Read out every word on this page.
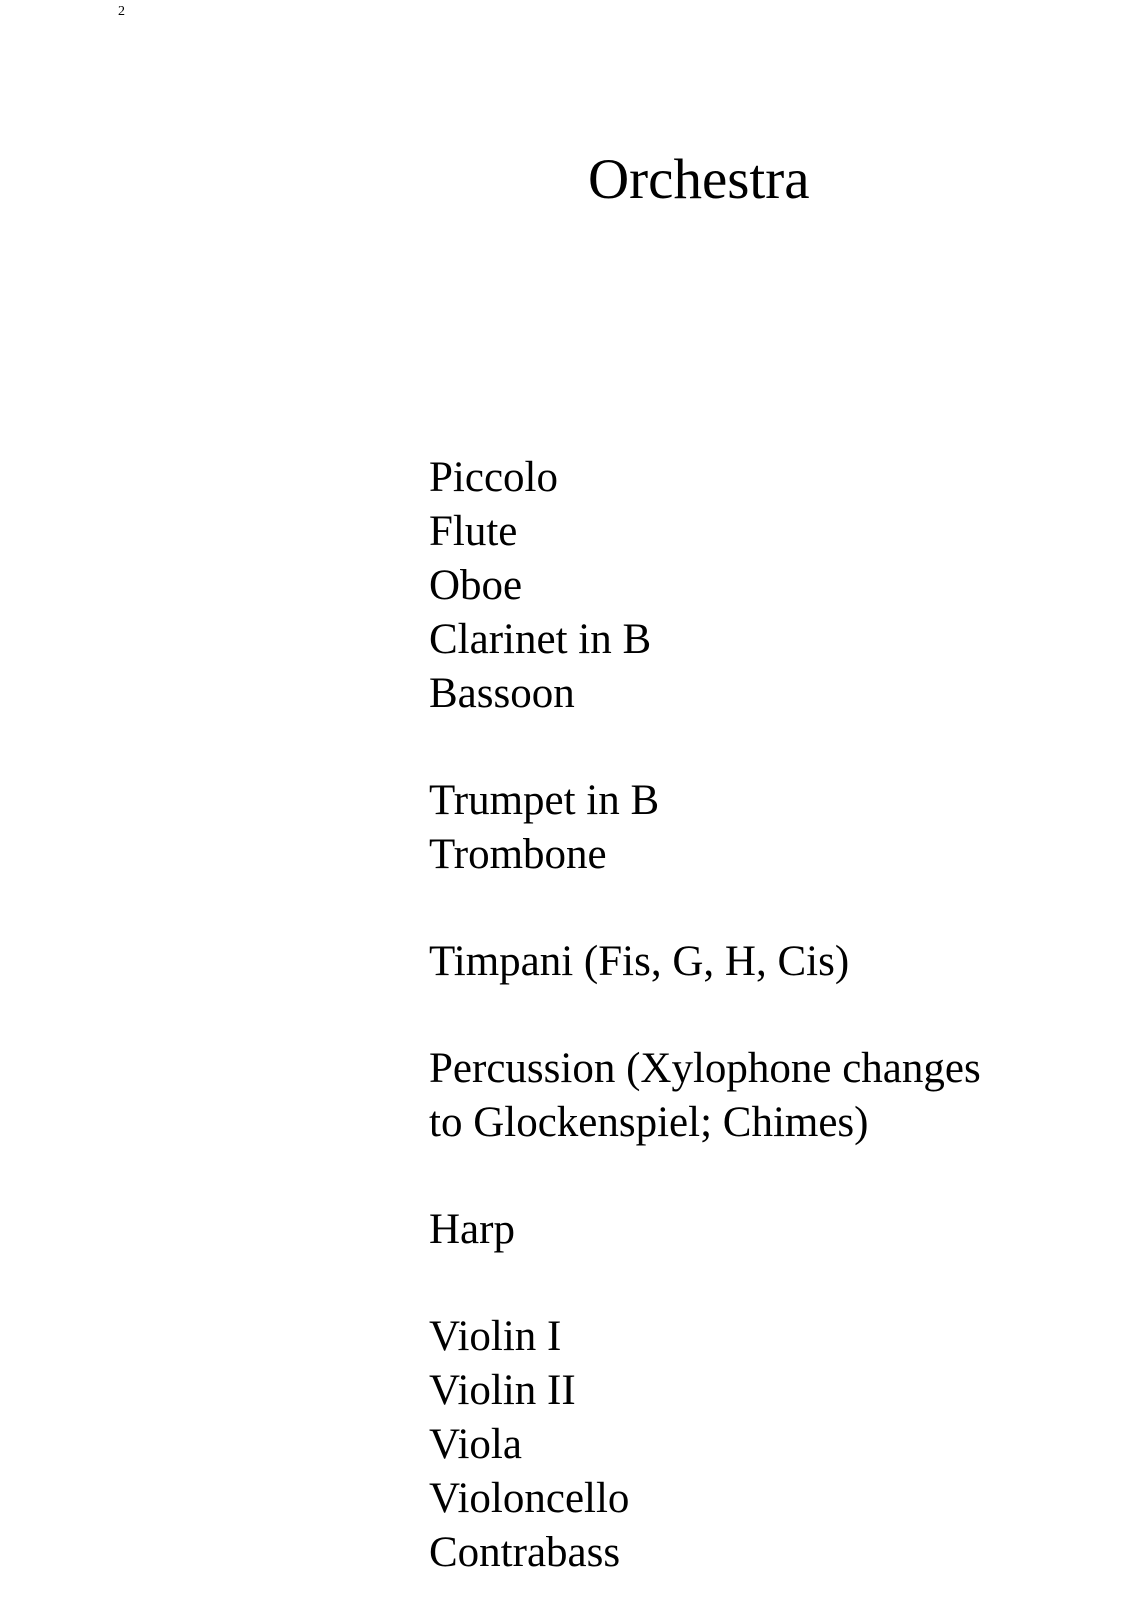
2
Orchestra
Piccolo
Flute
Oboe
Clarinet in B
Bassoon
Trumpet in B
Trombone
Timpani (Fis, G, H, Cis)
Percussion (Xylophone changes
to Glockenspiel; Chimes)
Harp
Violin I
Violin II
Viola
Violoncello
Contrabass
